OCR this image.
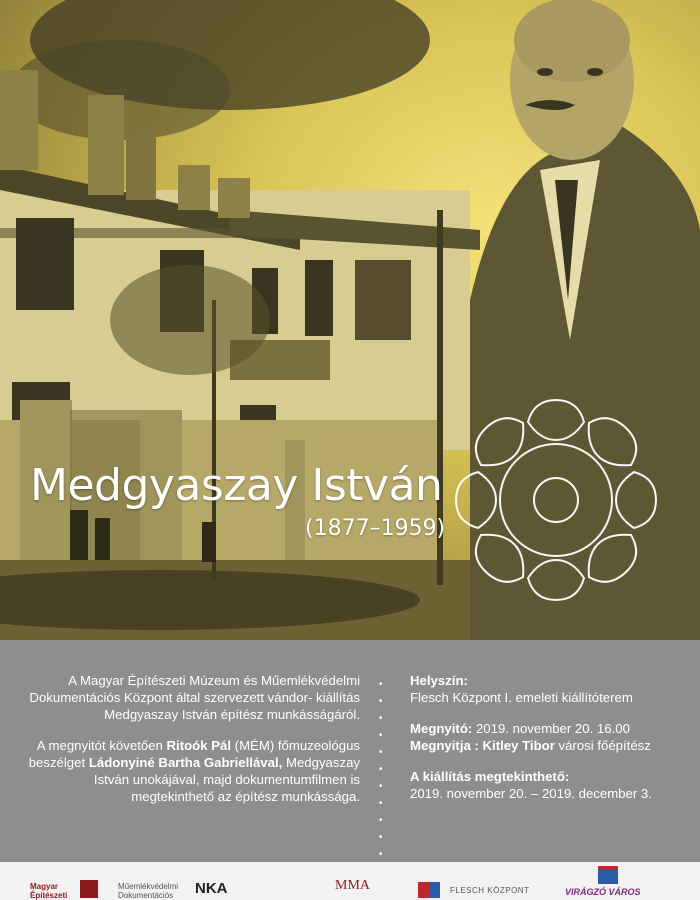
Medgyaszay István
(1877–1959)

A Magyar Építészeti Múzeum és Műemlékvédelmi Dokumentációs Központ által szervezett vándor- kiállítás Medgyaszay István építész munkásságáról.

A megnyitót követően Ritoók Pál (MÉM) főmuzeológus beszélget Ládonyiné Bartha Gabriellával, Medgyaszay István unokájával, majd dokumentumfilmen is megtekinthető az építész munkássága.

•
•
•
•
•
•
•
•
•
•
•
Helyszín:
Flesch Központ I. emeleti kiállítóterem
Megnyitó: 2019. november 20. 16.00
Megnyitja : Kitley Tibor városi főépítész
A kiállítás megtekinthető:
2019. november 20. – 2019. december 3.
Magyar
Építészeti
Műemlékvédelmi
Dokumentációs	NKA	MMA	FLESCH KÖZPONT	VIRÁGZÓ VÁROS
